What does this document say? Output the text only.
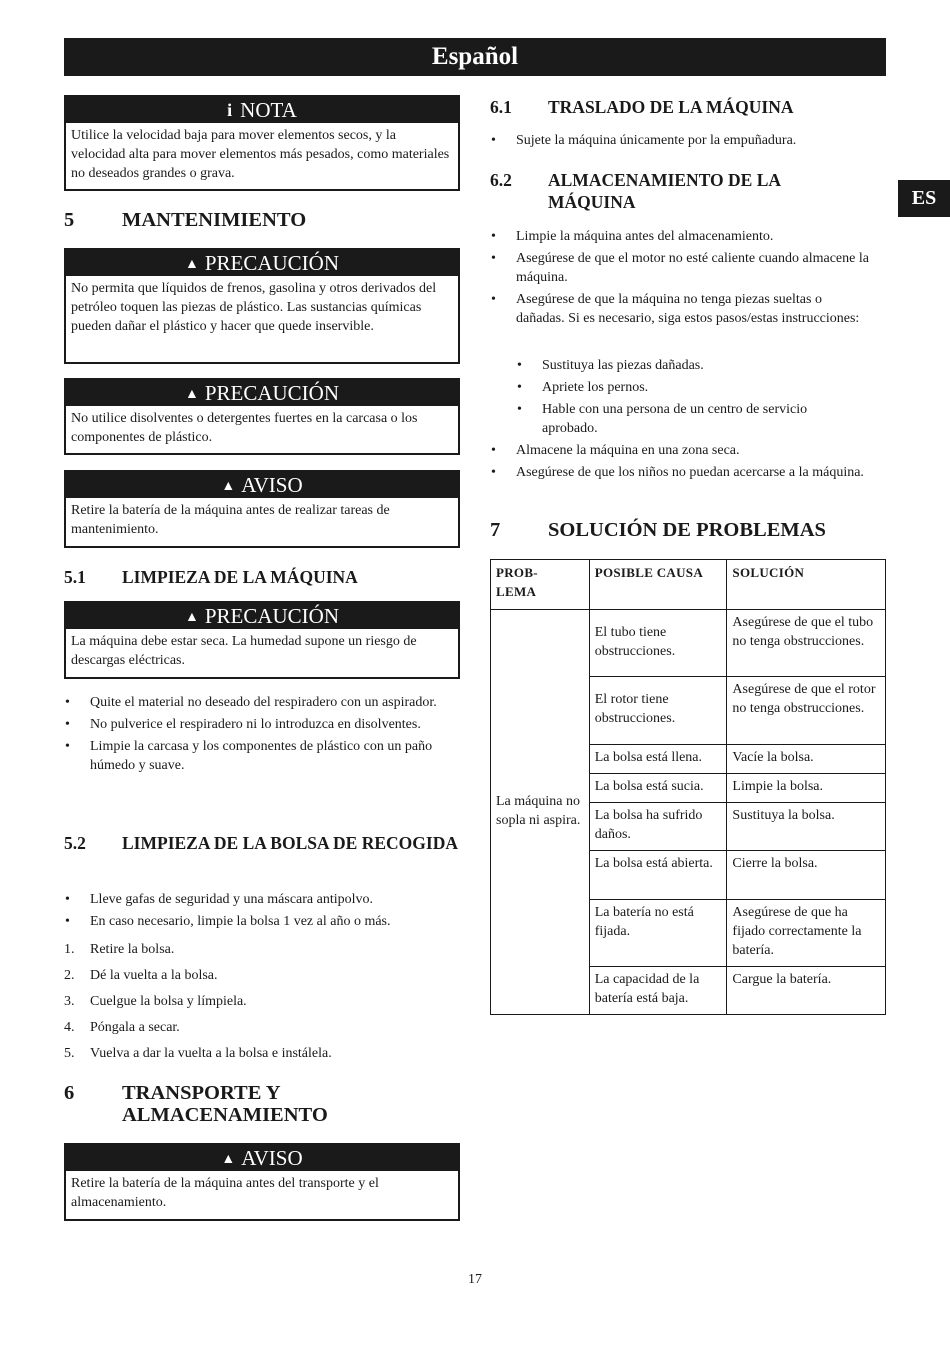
Español
ES
i NOTA
Utilice la velocidad baja para mover elementos secos, y la velocidad alta para mover elementos más pesados, como materiales no deseados grandes o grava.
5 MANTENIMIENTO
▲ PRECAUCIÓN
No permita que líquidos de frenos, gasolina y otros derivados del petróleo toquen las piezas de plástico. Las sustancias químicas pueden dañar el plástico y hacer que quede inservible.
▲ PRECAUCIÓN
No utilice disolventes o detergentes fuertes en la carcasa o los componentes de plástico.
▲ AVISO
Retire la batería de la máquina antes de realizar tareas de mantenimiento.
5.1 LIMPIEZA DE LA MÁQUINA
▲ PRECAUCIÓN
La máquina debe estar seca. La humedad supone un riesgo de descargas eléctricas.
• Quite el material no deseado del respiradero con un aspirador.
• No pulverice el respiradero ni lo introduzca en disolventes.
• Limpie la carcasa y los componentes de plástico con un paño húmedo y suave.
5.2 LIMPIEZA DE LA BOLSA DE RECOGIDA
• Lleve gafas de seguridad y una máscara antipolvo.
• En caso necesario, limpie la bolsa 1 vez al año o más.
1. Retire la bolsa.
2. Dé la vuelta a la bolsa.
3. Cuelgue la bolsa y límpiela.
4. Póngala a secar.
5. Vuelva a dar la vuelta a la bolsa e instálela.
6 TRANSPORTE Y ALMACENAMIENTO
▲ AVISO
Retire la batería de la máquina antes del transporte y el almacenamiento.
6.1 TRASLADO DE LA MÁQUINA
• Sujete la máquina únicamente por la empuñadura.
6.2 ALMACENAMIENTO DE LA MÁQUINA
• Limpie la máquina antes del almacenamiento.
• Asegúrese de que el motor no esté caliente cuando almacene la máquina.
• Asegúrese de que la máquina no tenga piezas sueltas o dañadas. Si es necesario, siga estos pasos/estas instrucciones:
• Sustituya las piezas dañadas.
• Apriete los pernos.
• Hable con una persona de un centro de servicio aprobado.
• Almacene la máquina en una zona seca.
• Asegúrese de que los niños no puedan acercarse a la máquina.
7 SOLUCIÓN DE PROBLEMAS
PROB-
LEMA	POSIBLE CAUSA	SOLUCIÓN
La máquina no sopla ni aspira.	El tubo tiene obstrucciones.	Asegúrese de que el tubo no tenga obstrucciones.
	El rotor tiene obstrucciones.	Asegúrese de que el rotor no tenga obstrucciones.
	La bolsa está llena.	Vacíe la bolsa.
	La bolsa está sucia.	Limpie la bolsa.
	La bolsa ha sufrido daños.	Sustituya la bolsa.
	La bolsa está abierta.	Cierre la bolsa.
	La batería no está fijada.	Asegúrese de que ha fijado correctamente la batería.
	La capacidad de la batería está baja.	Cargue la batería.
17
